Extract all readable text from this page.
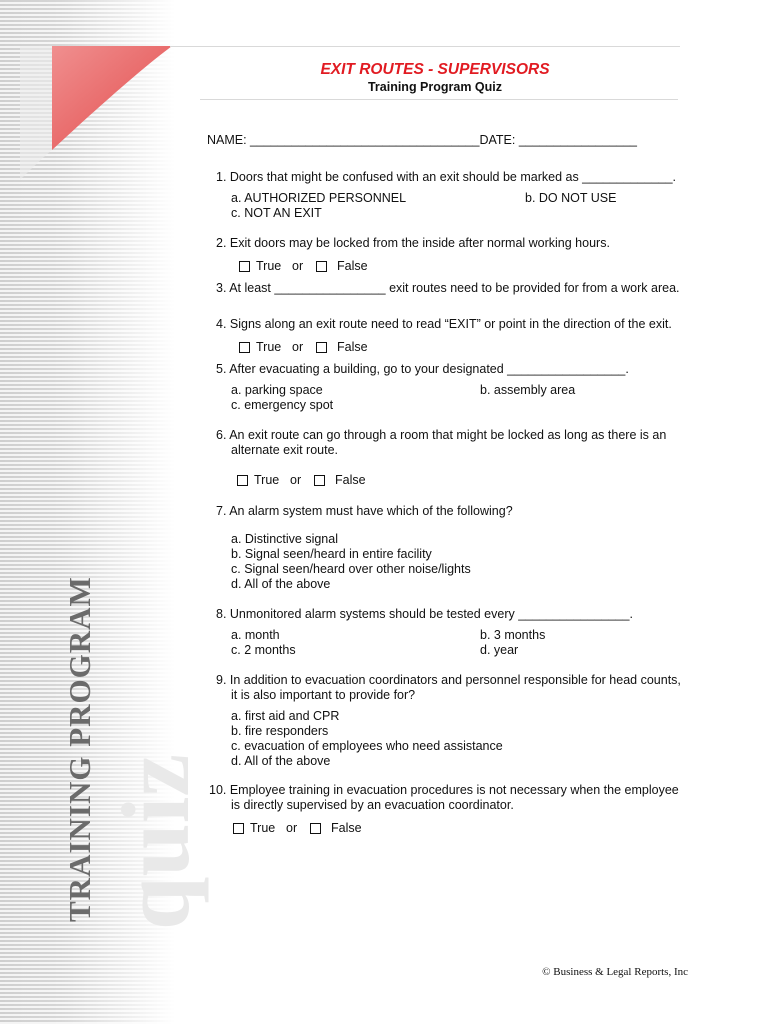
quiz
TRAINING PROGRAM
EXIT ROUTES - SUPERVISORS
Training Program Quiz
NAME: _________________________________DATE: _________________
1. Doors that might be confused with an exit should be marked as _____________.
a. AUTHORIZED PERSONNEL	b. DO NOT USE
c. NOT AN EXIT
2. Exit doors may be locked from the inside after normal working hours.
True or	False
3. At least ________________ exit routes need to be provided for from a work area.
4. Signs along an exit route need to read “EXIT” or point in the direction of the exit.
True or	False
5. After evacuating a building, go to your designated _________________.
a. parking space	b. assembly area
c. emergency spot
6. An exit route can go through a room that might be locked as long as there is an
alternate exit route.
True or	False
7. An alarm system must have which of the following?
a. Distinctive signal
b. Signal seen/heard in entire facility
c. Signal seen/heard over other noise/lights
d. All of the above
8. Unmonitored alarm systems should be tested every ________________.
a. month	b. 3 months
c. 2 months	d. year
9. In addition to evacuation coordinators and personnel responsible for head counts,
it is also important to provide for?
a. first aid and CPR
b. fire responders
c. evacuation of employees who need assistance
d. All of the above
10. Employee training in evacuation procedures is not necessary when the employee
is directly supervised by an evacuation coordinator.
True or	False
© Business & Legal Reports, Inc
